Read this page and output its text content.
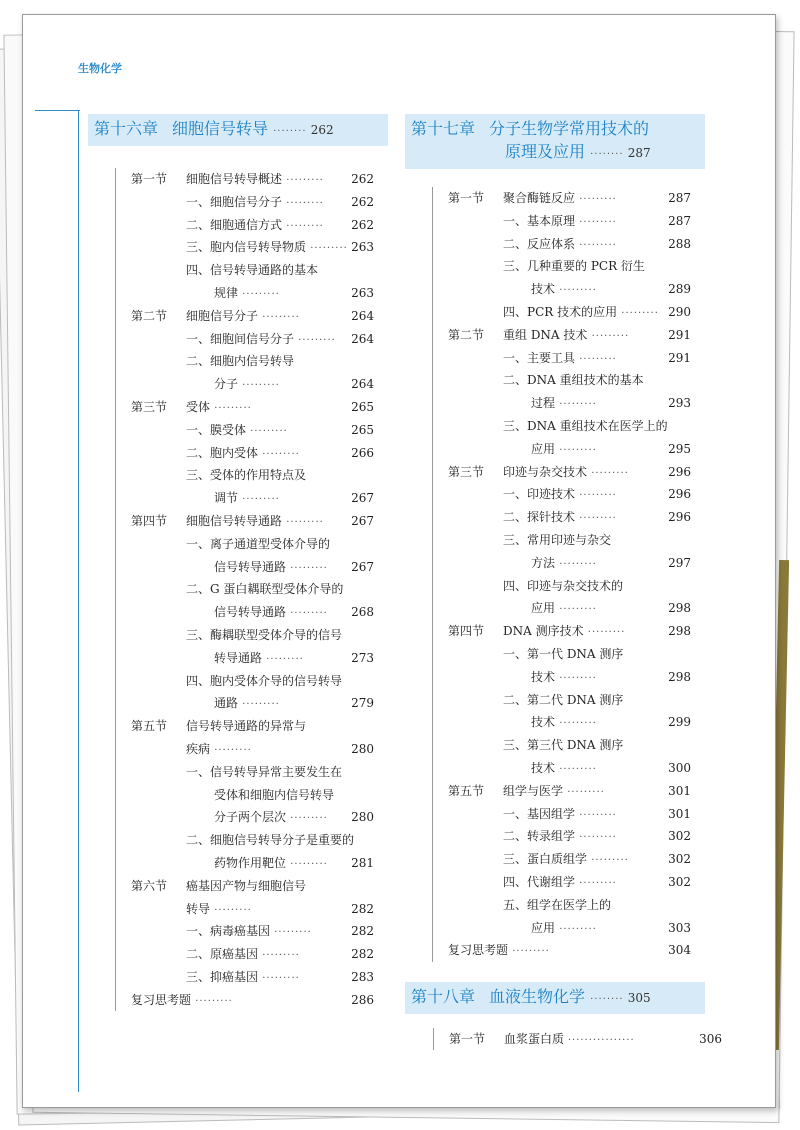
生物化学
第十六章 细胞信号转导 ········ 262
第一节 细胞信号转导概述 ········· 262
一、细胞信号分子 ········· 262
二、细胞通信方式 ········· 262
三、胞内信号转导物质 ········· 263
四、信号转导通路的基本
规律 ·········	263
第二节 细胞信号分子 ·········	264
一、细胞间信号分子 ········· 264
二、细胞内信号转导
分子 ·········	264
第三节 受体 ·········	265
一、膜受体 ·········	265
二、胞内受体 ·········	266
三、受体的作用特点及
调节 ·········	267
第四节 细胞信号转导通路 ········· 267
一、离子通道型受体介导的
信号转导通路 ········· 267
二、G 蛋白耦联型受体介导的
信号转导通路 ········· 268
三、酶耦联型受体介导的信号
转导通路 ·········	273
四、胞内受体介导的信号转导
通路 ·········	279
第五节 信号转导通路的异常与
疾病 ·········	280
一、信号转导异常主要发生在
受体和细胞内信号转导
分子两个层次 ········· 280
二、细胞信号转导分子是重要的
药物作用靶位 ········· 281
第六节 癌基因产物与细胞信号
转导 ·········	282
一、病毒癌基因 ·········	282
二、原癌基因 ·········	282
三、抑癌基因 ·········	283
复习思考题 ·········	286
第十七章 分子生物学常用技术的
原理及应用 ········ 287
第一节 聚合酶链反应 ·········	287
一、基本原理 ·········	287
二、反应体系 ·········	288
三、几种重要的 PCR 衍生
技术 ·········	289
四、PCR 技术的应用 ········· 290
第二节 重组 DNA 技术 ·········	291
一、主要工具 ·········	291
二、DNA 重组技术的基本
过程 ·········	293
三、DNA 重组技术在医学上的
应用 ·········	295
第三节 印迹与杂交技术 ·········	296
一、印迹技术 ·········	296
二、探针技术 ·········	296
三、常用印迹与杂交
方法 ·········	297
四、印迹与杂交技术的
应用 ·········	298
第四节 DNA 测序技术 ·········	298
一、第一代 DNA 测序
技术 ·········	298
二、第二代 DNA 测序
技术 ·········	299
三、第三代 DNA 测序
技术 ·········	300
第五节 组学与医学 ·········	301
一、基因组学 ·········	301
二、转录组学 ·········	302
三、蛋白质组学 ·········	302
四、代谢组学 ·········	302
五、组学在医学上的
应用 ·········	303
复习思考题 ·········	304
第十八章 血液生物化学 ········ 305
第一节 血浆蛋白质 ················	306
